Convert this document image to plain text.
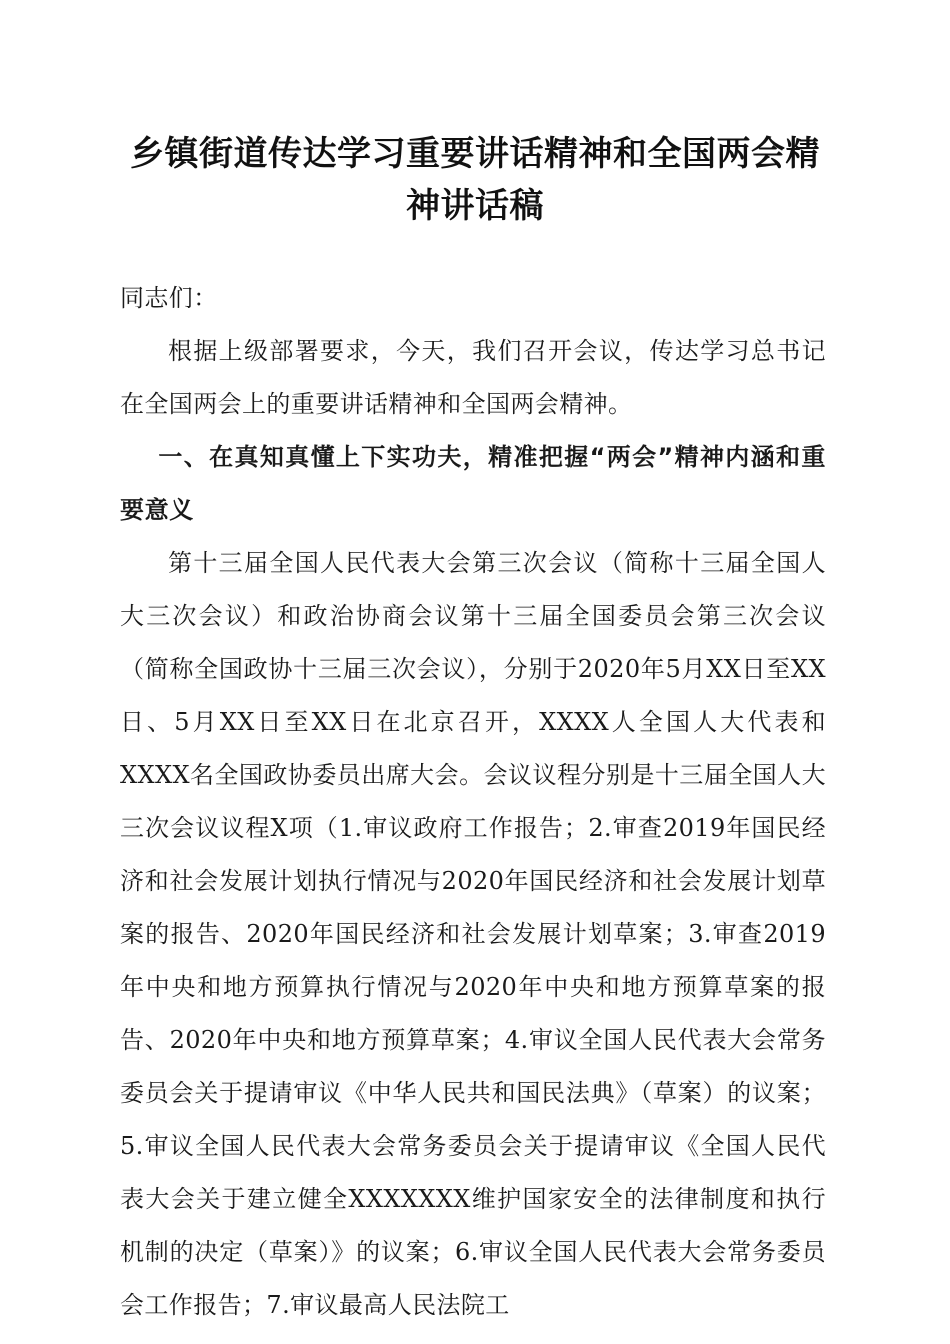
乡镇街道传达学习重要讲话精神和全国两会精
神讲话稿

同志们：

根据上级部署要求，今天，我们召开会议，传达学习总书记在全国两会上的重要讲话精神和全国两会精神。

一、在真知真懂上下实功夫，精准把握“两会”精神内涵和重要意义

第十三届全国人民代表大会第三次会议（简称十三届全国人大三次会议）和政治协商会议第十三届全国委员会第三次会议（简称全国政协十三届三次会议），分别于2020年5月XX日至XX日、5月XX日至XX日在北京召开，XXXX人全国人大代表和XXXX名全国政协委员出席大会。会议议程分别是十三届全国人大三次会议议程X项（1.审议政府工作报告；2.审查2019年国民经济和社会发展计划执行情况与2020年国民经济和社会发展计划草案的报告、2020年国民经济和社会发展计划草案；3.审查2019年中央和地方预算执行情况与2020年中央和地方预算草案的报告、2020年中央和地方预算草案；4.审议全国人民代表大会常务委员会关于提请审议《中华人民共和国民法典》（草案）的议案；5.审议全国人民代表大会常务委员会关于提请审议《全国人民代表大会关于建立健全XXXXXXX维护国家安全的法律制度和执行机制的决定（草案）》的议案；6.审议全国人民代表大会常务委员会工作报告；7.审议最高人民法院工
